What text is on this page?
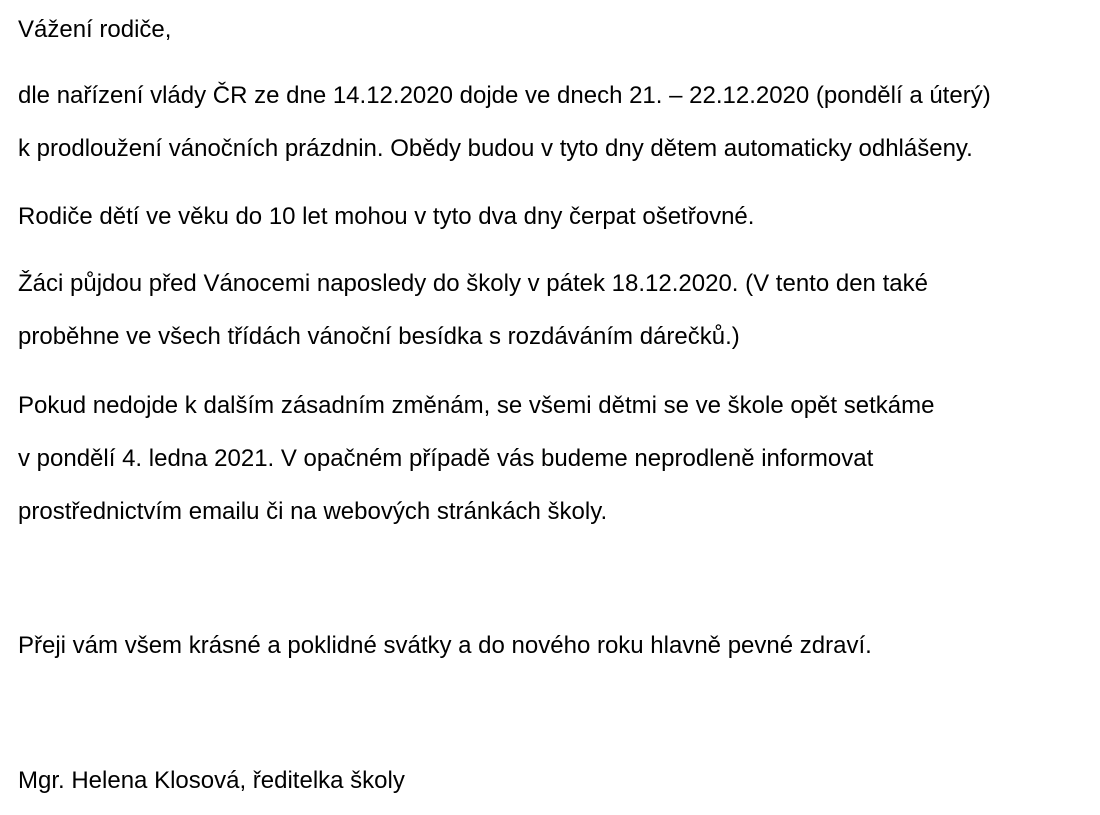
Vážení rodiče,
dle nařízení vlády ČR ze dne 14.12.2020 dojde ve dnech 21. – 22.12.2020 (pondělí a úterý)
k prodloužení vánočních prázdnin. Obědy budou v tyto dny dětem automaticky odhlášeny.
Rodiče dětí ve věku do 10 let mohou v tyto dva dny čerpat ošetřovné.
Žáci půjdou před Vánocemi naposledy do školy v pátek 18.12.2020. (V tento den také
proběhne ve všech třídách vánoční besídka s rozdáváním dárečků.)
Pokud nedojde k dalším zásadním změnám, se všemi dětmi se ve škole opět setkáme
v pondělí 4. ledna 2021. V opačném případě vás budeme neprodleně informovat
prostřednictvím emailu či na webových stránkách školy.
Přeji vám všem krásné a poklidné svátky a do nového roku hlavně pevné zdraví.
Mgr. Helena Klosová, ředitelka školy
